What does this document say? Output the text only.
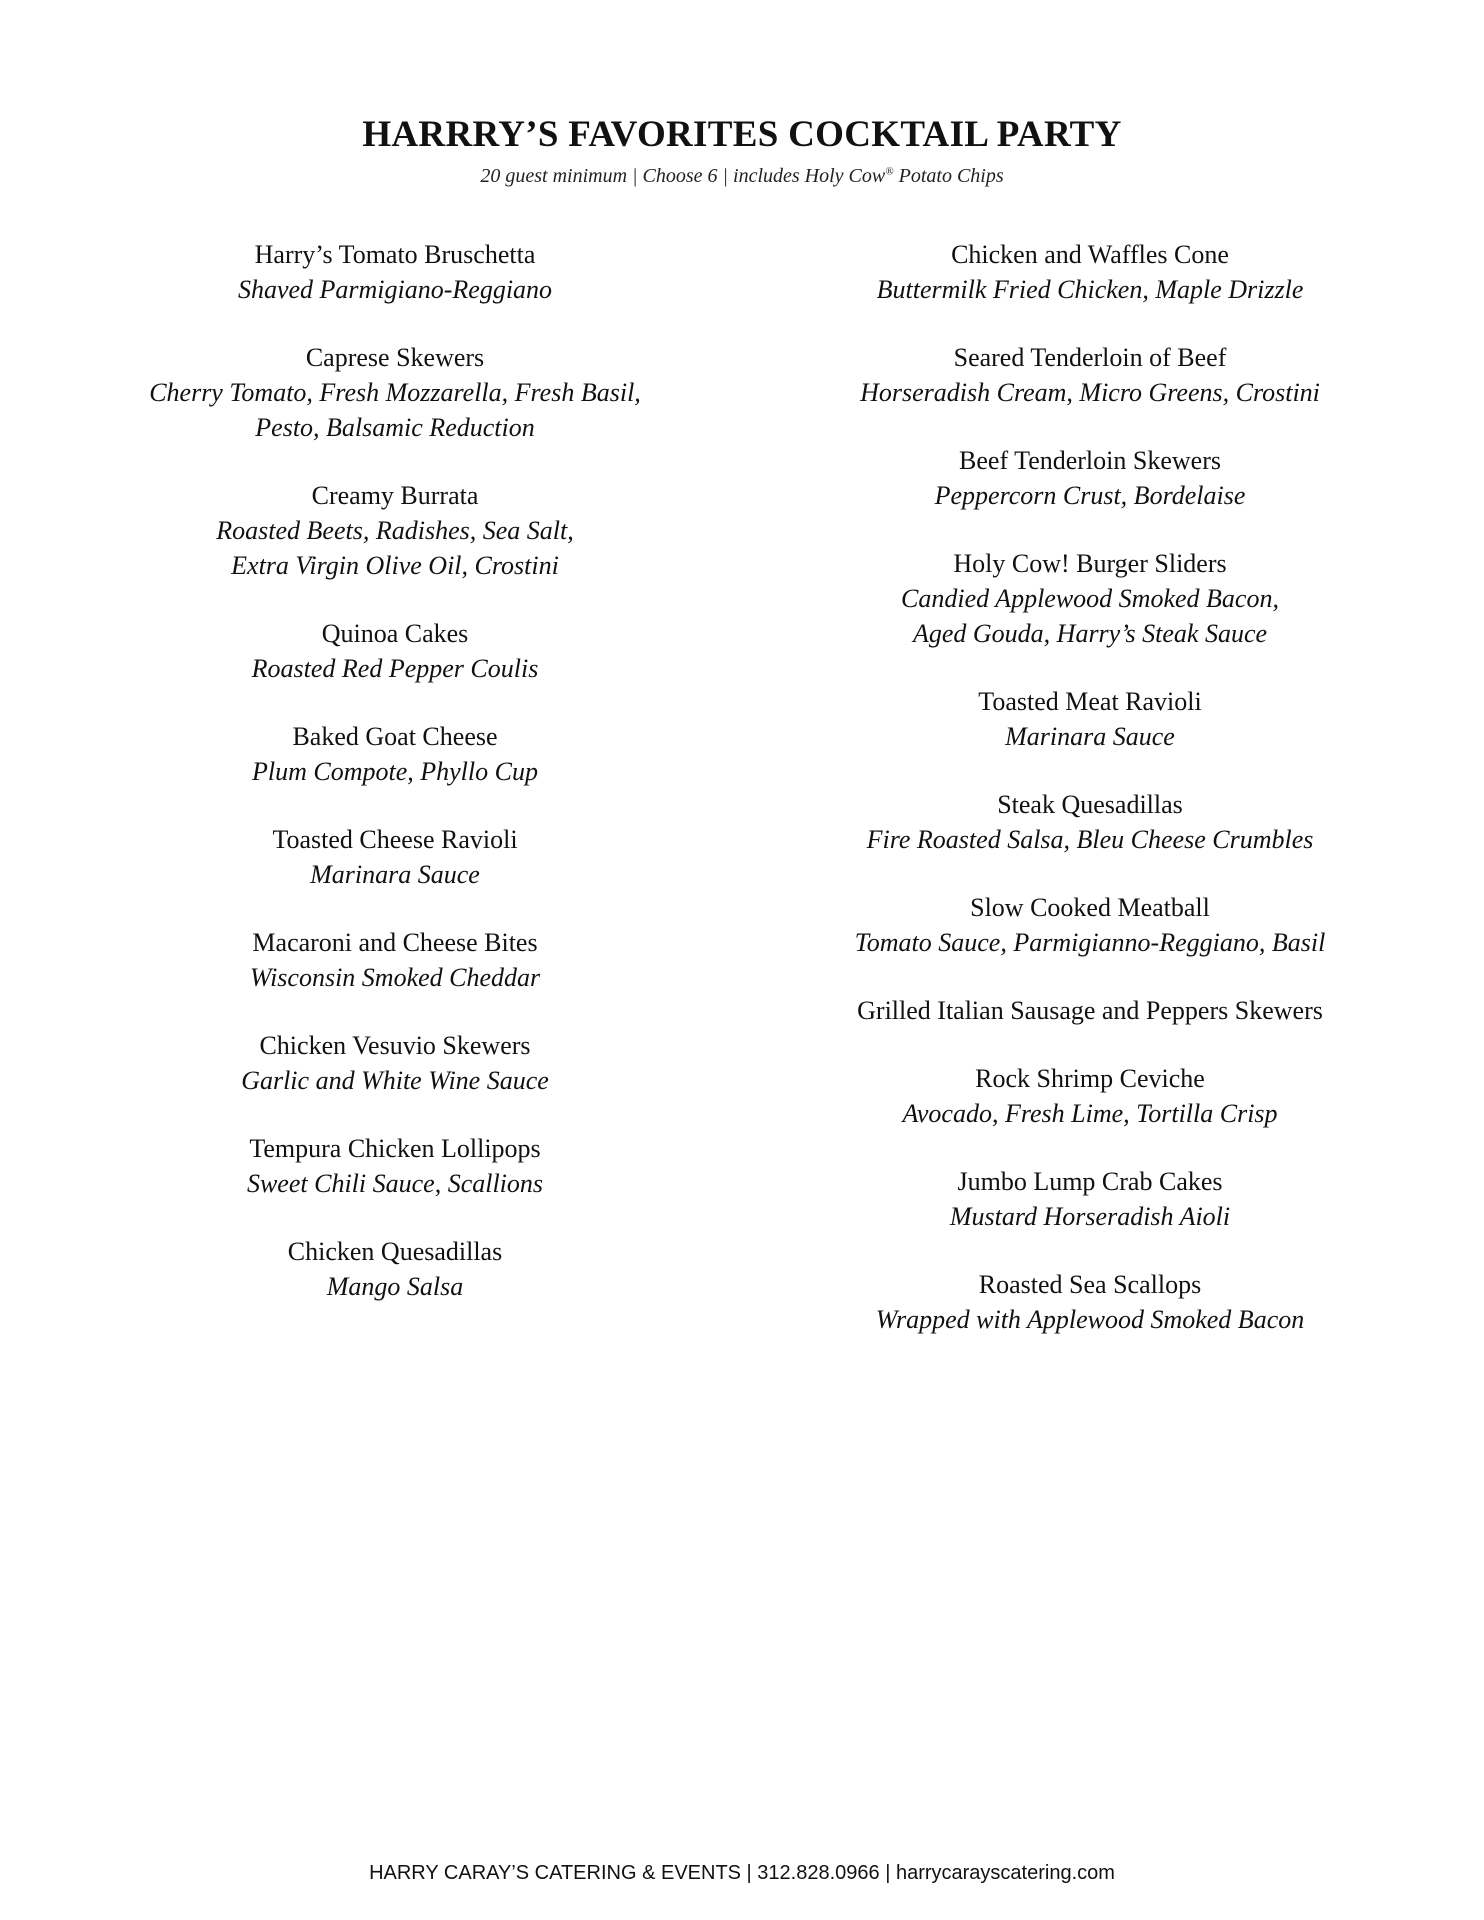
HARRRY’S FAVORITES COCKTAIL PARTY
20 guest minimum | Choose 6 | includes Holy Cow® Potato Chips
Harry’s Tomato Bruschetta
Shaved Parmigiano-Reggiano
Caprese Skewers
Cherry Tomato, Fresh Mozzarella, Fresh Basil,
Pesto, Balsamic Reduction
Creamy Burrata
Roasted Beets, Radishes, Sea Salt,
Extra Virgin Olive Oil, Crostini
Quinoa Cakes
Roasted Red Pepper Coulis
Baked Goat Cheese
Plum Compote, Phyllo Cup
Toasted Cheese Ravioli
Marinara Sauce
Macaroni and Cheese Bites
Wisconsin Smoked Cheddar
Chicken Vesuvio Skewers
Garlic and White Wine Sauce
Tempura Chicken Lollipops
Sweet Chili Sauce, Scallions
Chicken Quesadillas
Mango Salsa
Chicken and Waffles Cone
Buttermilk Fried Chicken, Maple Drizzle
Seared Tenderloin of Beef
Horseradish Cream, Micro Greens, Crostini
Beef Tenderloin Skewers
Peppercorn Crust, Bordelaise
Holy Cow! Burger Sliders
Candied Applewood Smoked Bacon,
Aged Gouda, Harry’s Steak Sauce
Toasted Meat Ravioli
Marinara Sauce
Steak Quesadillas
Fire Roasted Salsa, Bleu Cheese Crumbles
Slow Cooked Meatball
Tomato Sauce, Parmigianno-Reggiano, Basil
Grilled Italian Sausage and Peppers Skewers
Rock Shrimp Ceviche
Avocado, Fresh Lime, Tortilla Crisp
Jumbo Lump Crab Cakes
Mustard Horseradish Aioli
Roasted Sea Scallops
Wrapped with Applewood Smoked Bacon
HARRY CARAY’S CATERING & EVENTS | 312.828.0966 | harrycarayscatering.com
